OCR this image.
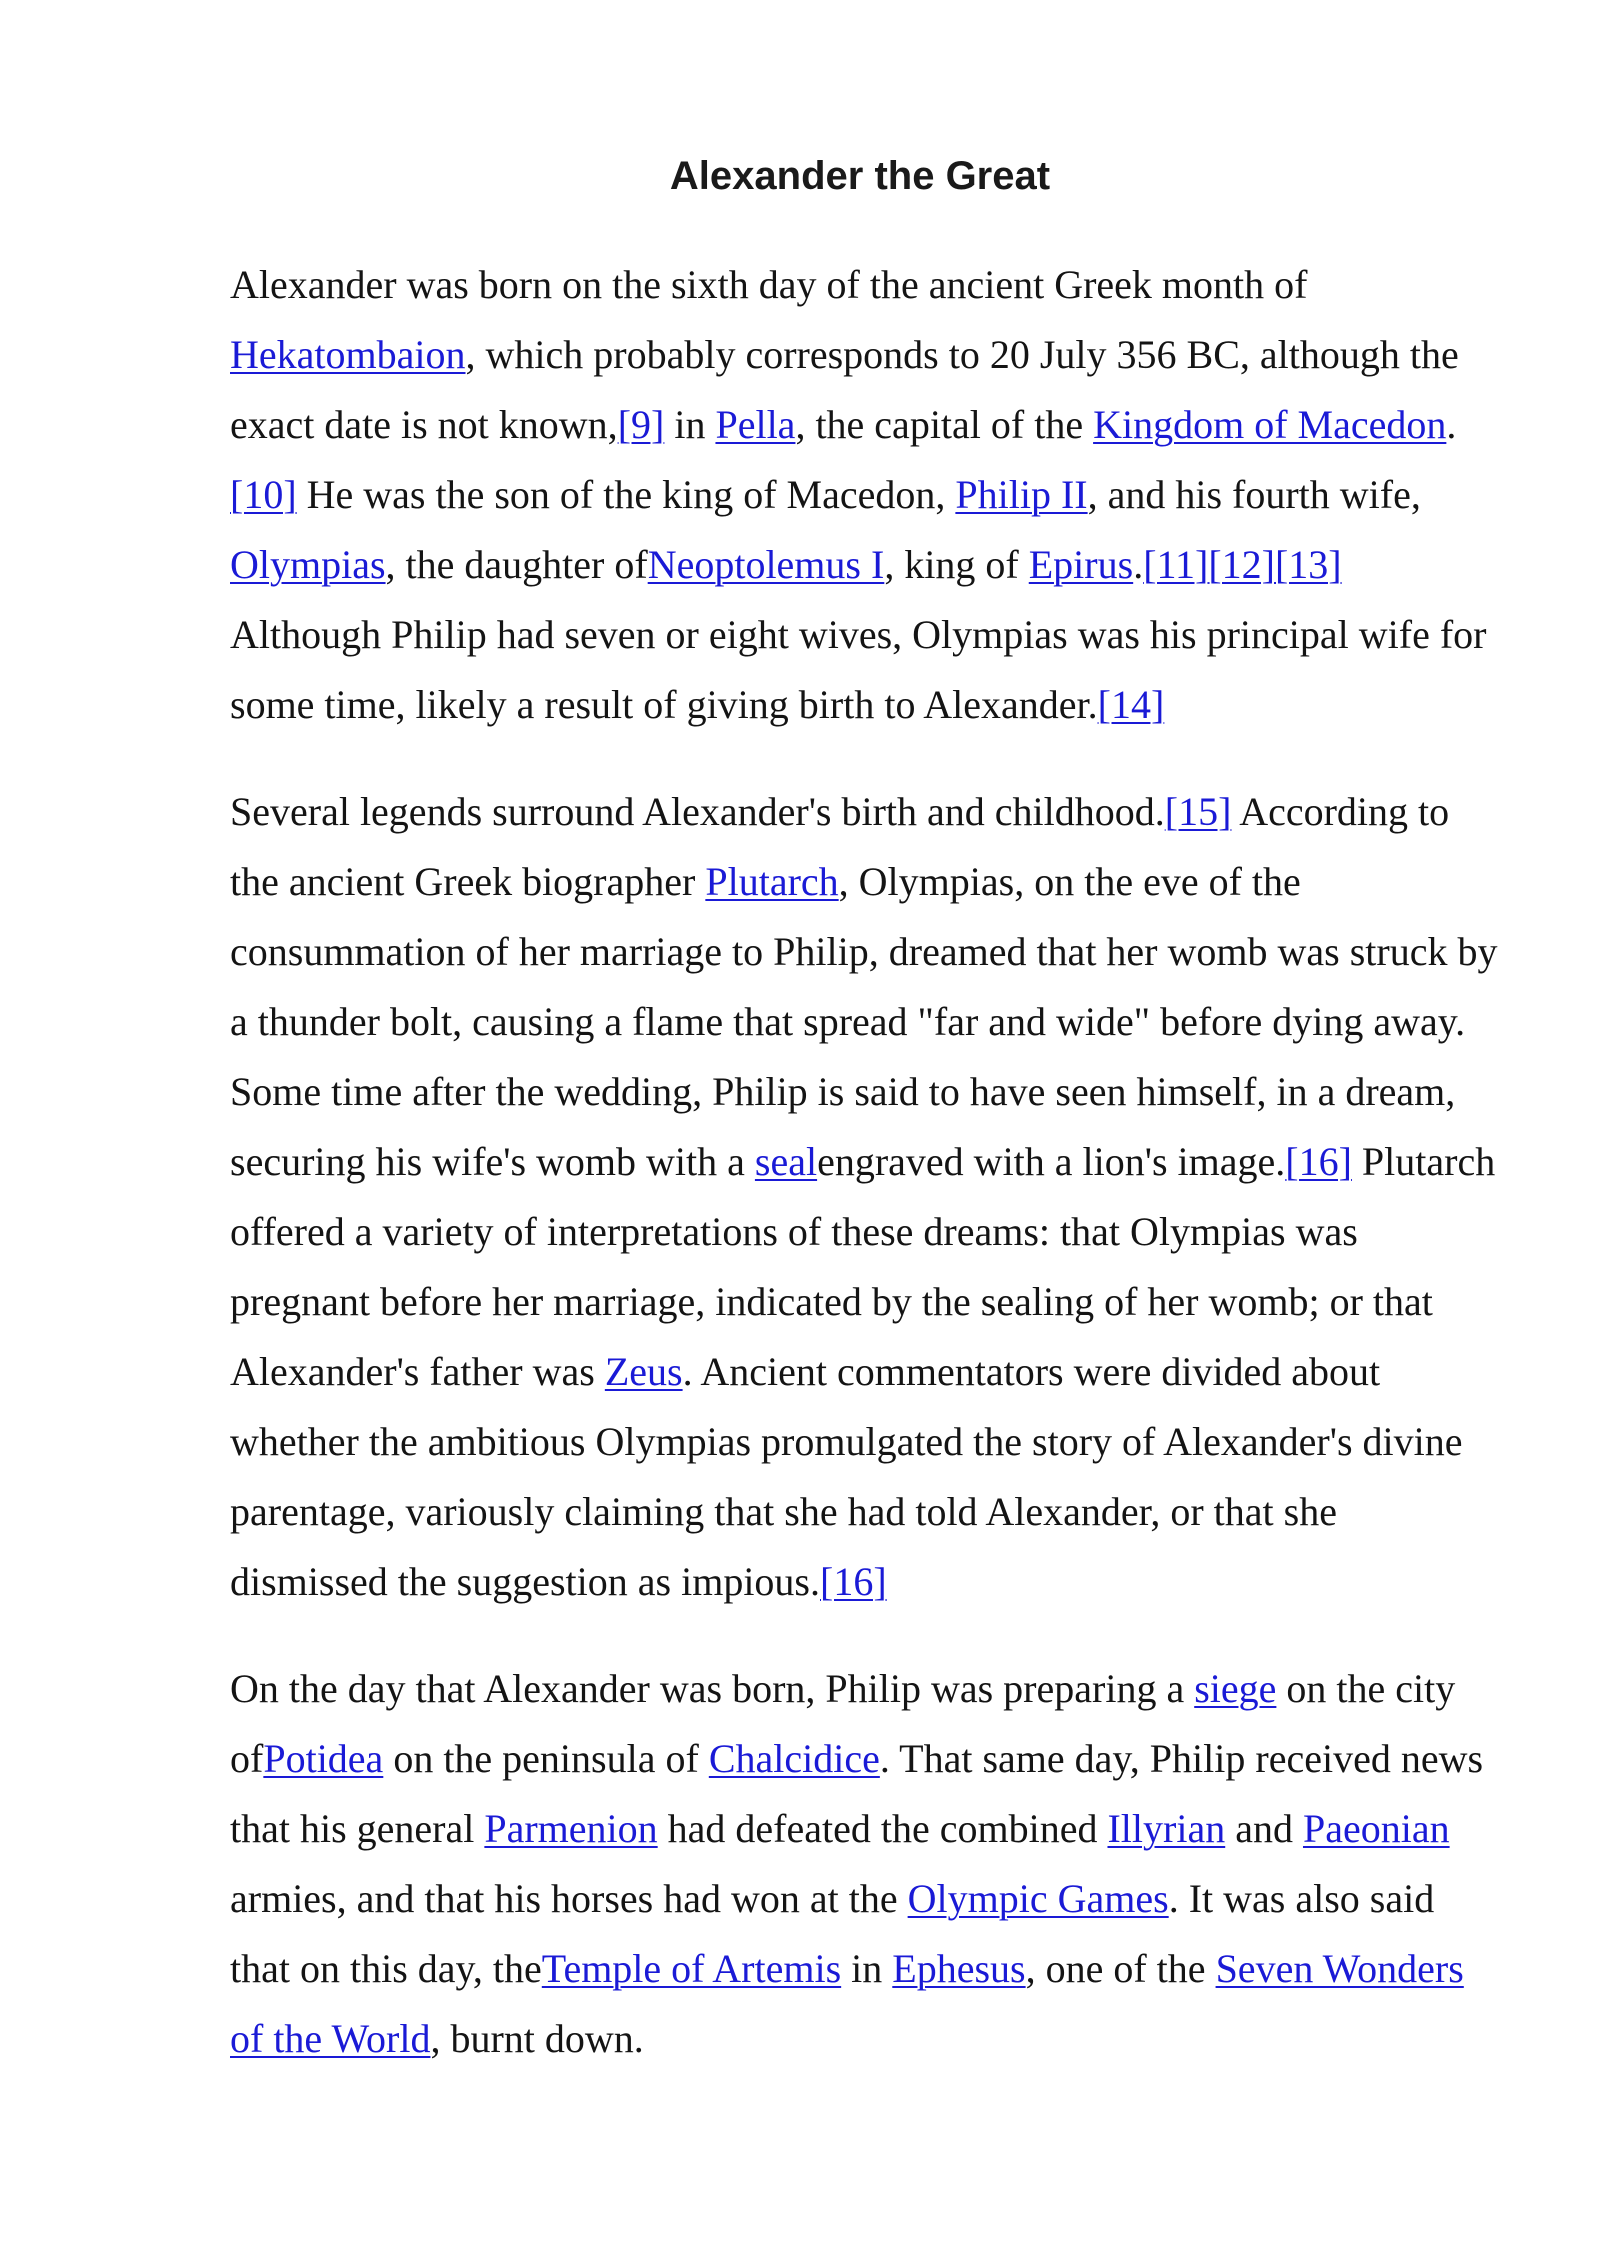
Alexander the Great

Alexander was born on the sixth day of the ancient Greek month of Hekatombaion, which probably corresponds to 20 July 356 BC, although the exact date is not known,[9] in Pella, the capital of the Kingdom of Macedon.[10] He was the son of the king of Macedon, Philip II, and his fourth wife, Olympias, the daughter ofNeoptolemus I, king of Epirus.[11][12][13] Although Philip had seven or eight wives, Olympias was his principal wife for some time, likely a result of giving birth to Alexander.[14]

Several legends surround Alexander's birth and childhood.[15] According to the ancient Greek biographer Plutarch, Olympias, on the eve of the consummation of her marriage to Philip, dreamed that her womb was struck by a thunder bolt, causing a flame that spread "far and wide" before dying away. Some time after the wedding, Philip is said to have seen himself, in a dream, securing his wife's womb with a sealengraved with a lion's image.[16] Plutarch offered a variety of interpretations of these dreams: that Olympias was pregnant before her marriage, indicated by the sealing of her womb; or that Alexander's father was Zeus. Ancient commentators were divided about whether the ambitious Olympias promulgated the story of Alexander's divine parentage, variously claiming that she had told Alexander, or that she dismissed the suggestion as impious.[16]

On the day that Alexander was born, Philip was preparing a siege on the city ofPotidea on the peninsula of Chalcidice. That same day, Philip received news that his general Parmenion had defeated the combined Illyrian and Paeonian armies, and that his horses had won at the Olympic Games. It was also said that on this day, theTemple of Artemis in Ephesus, one of the Seven Wonders of the World, burnt down.
